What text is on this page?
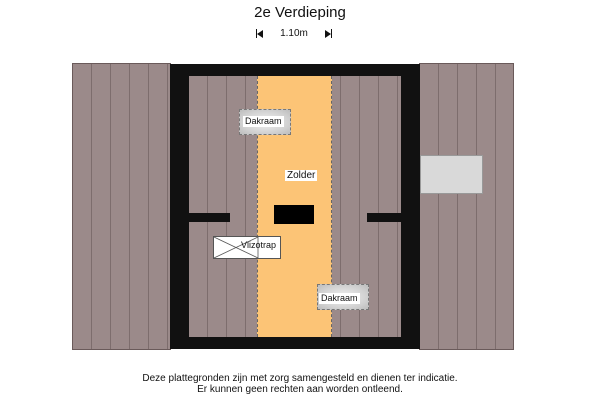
2e Verdieping
1.10m
Dakraam
Dakraam
Zolder
Vlizotrap
Deze plattegronden zijn met zorg samengesteld en dienen ter indicatie.
Er kunnen geen rechten aan worden ontleend.
